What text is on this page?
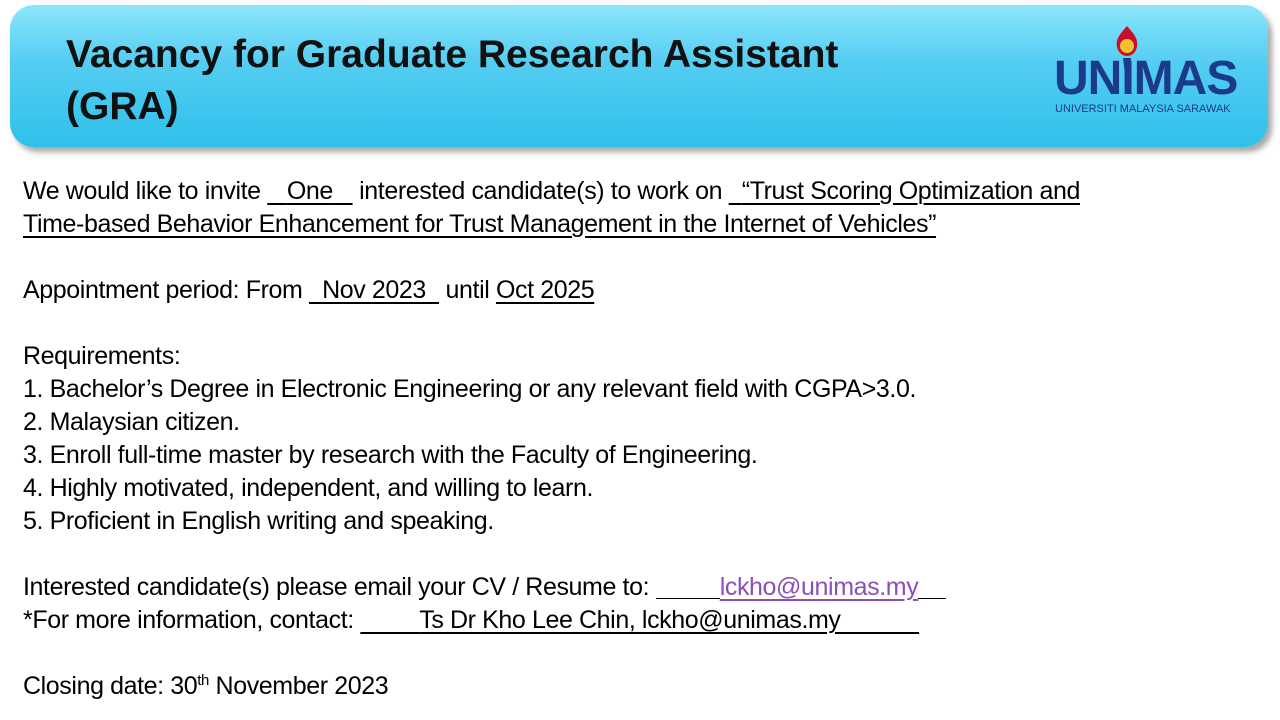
Vacancy for Graduate Research Assistant
(GRA)
UNIMAS
UNIVERSITI MALAYSIA SARAWAK

We would like to invite    One    interested candidate(s) to work on   “Trust Scoring Optimization and

Time-based Behavior Enhancement for Trust Management in the Internet of Vehicles”

Appointment period: From   Nov 2023   until Oct 2025

Requirements:

1. Bachelor’s Degree in Electronic Engineering or any relevant field with CGPA>3.0.

2. Malaysian citizen.

3. Enroll full-time master by research with the Faculty of Engineering.

4. Highly motivated, independent, and willing to learn.

5. Proficient in English writing and speaking.

Interested candidate(s) please email your CV / Resume to:	lckho@unimas.my

*For more information, contact:          Ts Dr Kho Lee Chin, lckho@unimas.my

Closing date: 30th November 2023
